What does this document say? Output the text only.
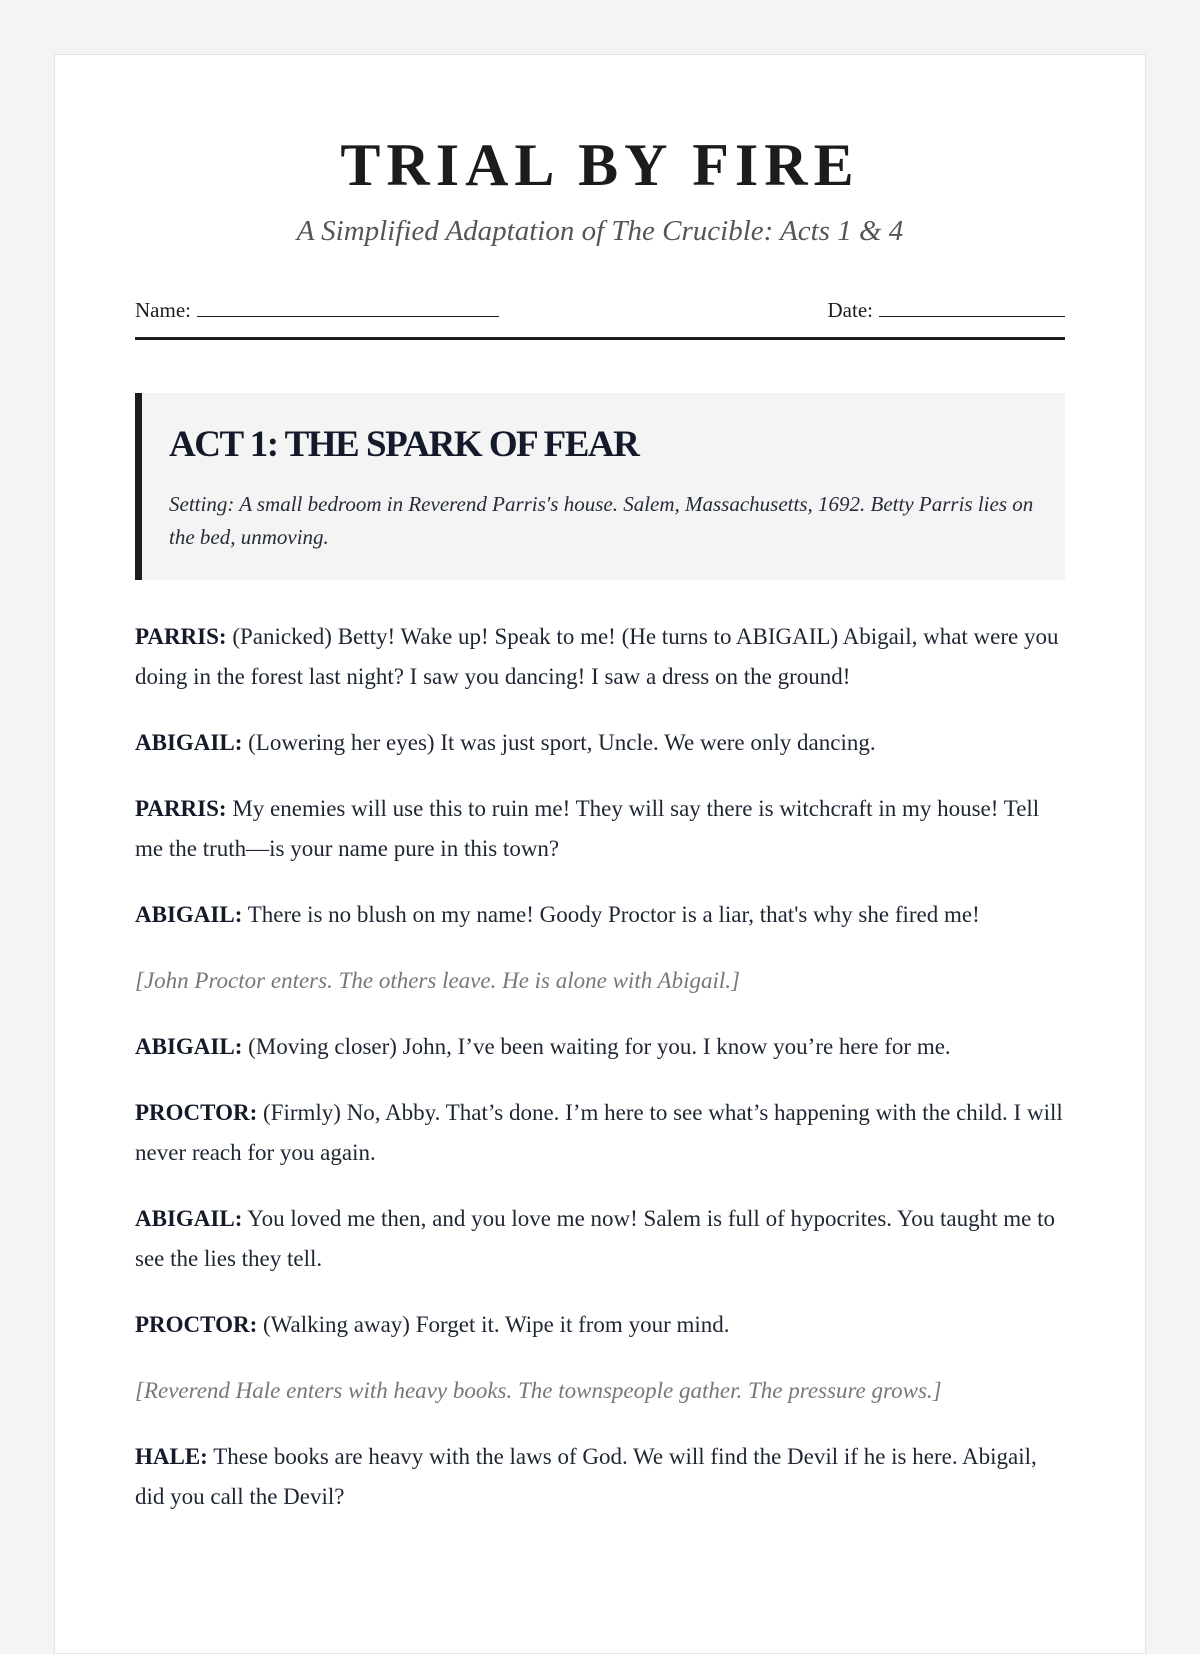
TRIAL BY FIRE
A Simplified Adaptation of The Crucible: Acts 1 & 4
Name:	Date:
ACT 1: THE SPARK OF FEAR
Setting: A small bedroom in Reverend Parris's house. Salem, Massachusetts, 1692. Betty Parris lies on the bed, unmoving.

PARRIS: (Panicked) Betty! Wake up! Speak to me! (He turns to ABIGAIL) Abigail, what were you doing in the forest last night? I saw you dancing! I saw a dress on the ground!

ABIGAIL: (Lowering her eyes) It was just sport, Uncle. We were only dancing.

PARRIS: My enemies will use this to ruin me! They will say there is witchcraft in my house! Tell me the truth—is your name pure in this town?

ABIGAIL: There is no blush on my name! Goody Proctor is a liar, that's why she fired me!

[John Proctor enters. The others leave. He is alone with Abigail.]

ABIGAIL: (Moving closer) John, I’ve been waiting for you. I know you’re here for me.

PROCTOR: (Firmly) No, Abby. That’s done. I’m here to see what’s happening with the child. I will never reach for you again.

ABIGAIL: You loved me then, and you love me now! Salem is full of hypocrites. You taught me to see the lies they tell.

PROCTOR: (Walking away) Forget it. Wipe it from your mind.

[Reverend Hale enters with heavy books. The townspeople gather. The pressure grows.]

HALE: These books are heavy with the laws of God. We will find the Devil if he is here. Abigail, did you call the Devil?
